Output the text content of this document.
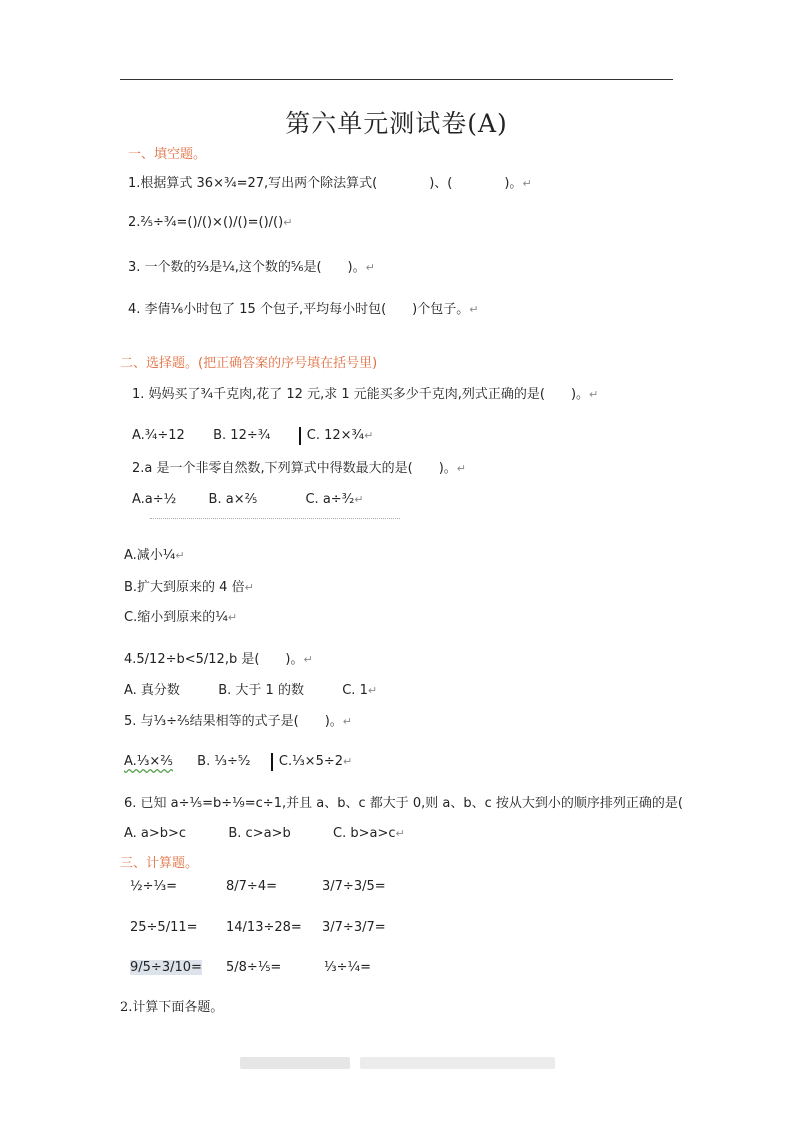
第六单元测试卷(A)
一、填空题。
1.根据算式 36×¾=27,写出两个除法算式(　　　　)、(　　　　)。↵
2.⅖÷¾=()/()×()/()=()/()↵
3. 一个数的⅔是¼,这个数的⅚是(　　)。↵
4. 李倩⅙小时包了 15 个包子,平均每小时包(　　)个包子。↵
二、选择题。(把正确答案的序号填在括号里)
1. 妈妈买了¾千克肉,花了 12 元,求 1 元能买多少千克肉,列式正确的是(　　)。↵
A.¾÷12 B. 12÷¾	C. 12×¾↵
2.a 是一个非零自然数,下列算式中得数最大的是(　　)。↵
A.a÷½ B. a×⅖	C. a÷³⁄₂↵
A.减小¼↵
B.扩大到原来的 4 倍↵
C.缩小到原来的¼↵
4.5/12÷b<5/12,b 是(　　)。↵
A. 真分数	B. 大于 1 的数	C. 1↵
5. 与⅓÷⅖结果相等的式子是(　　)。↵
A.⅓×⅖ B. ⅓÷⁵⁄₂ C.⅓×5÷2↵
6. 已知 a÷⅕=b÷⅑=c÷1,并且 a、b、c 都大于 0,则 a、b、c 按从大到小的顺序排列正确的是(
A. a>b>c	B. c>a>b	C. b>a>c↵
三、计算题。
½÷⅓=	8/7÷4=	3/7÷3/5=
25÷5/11= 14/13÷28= 3/7÷3/7=
9/5÷3/10= 5/8÷⅕=	⅓÷¼=
2.计算下面各题。
